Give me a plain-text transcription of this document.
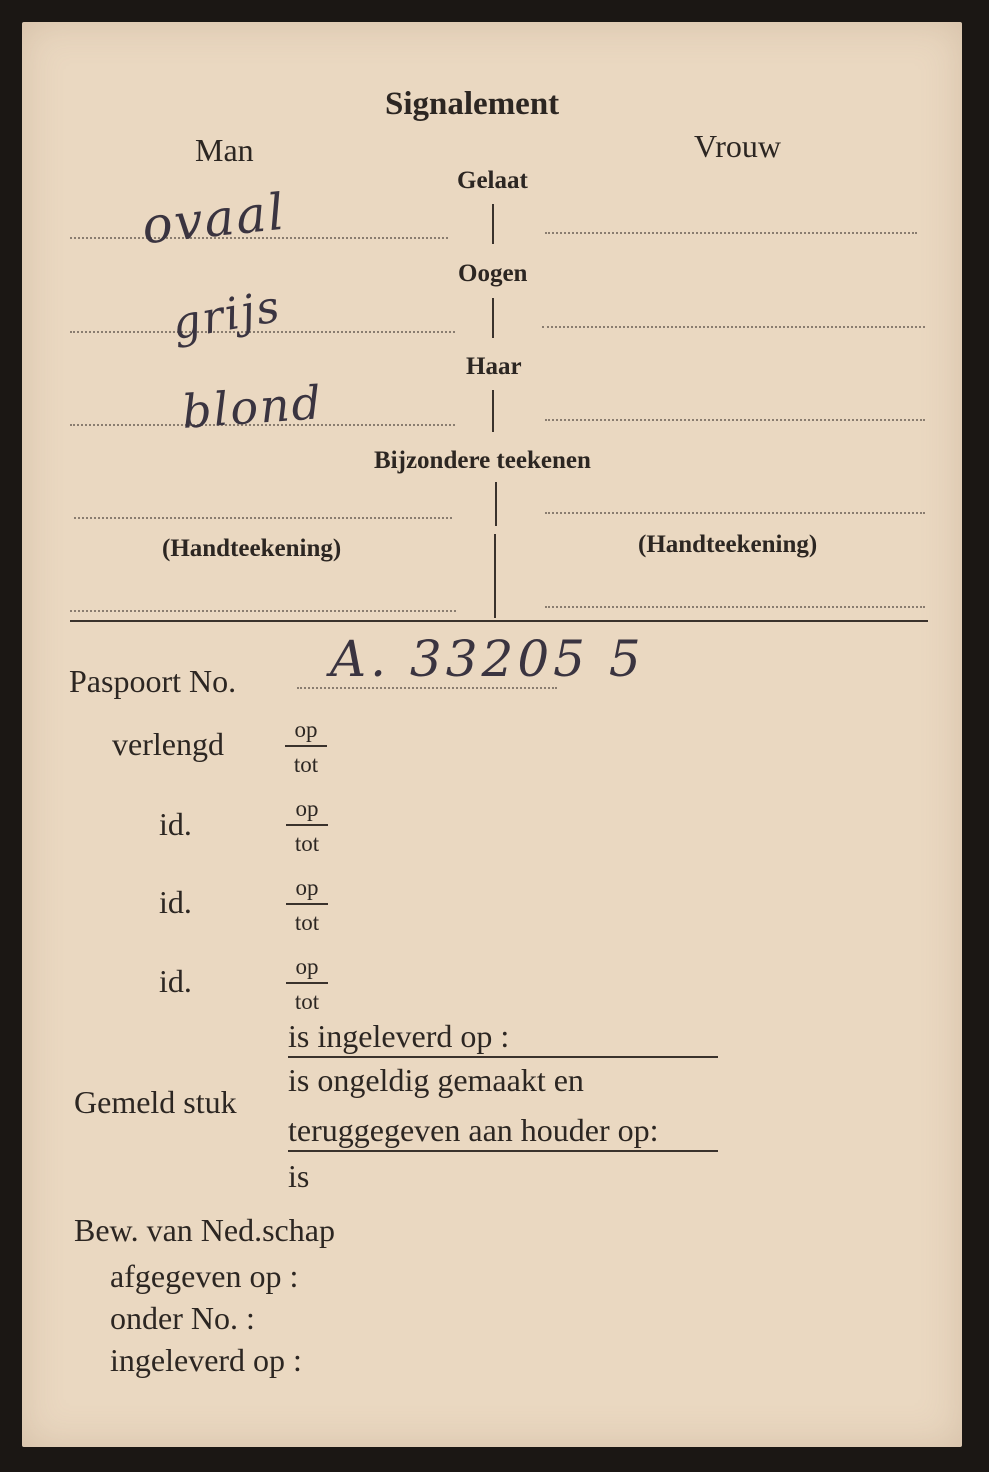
Signalement
Man	Vrouw
Gelaat
ovaal
Oogen
grijs
Haar
blond
Bijzondere teekenen
(Handteekening)	(Handteekening)
Paspoort No. A. 33205 5
verlengd	op
tot
id.	op
tot
id.	op
tot
id.	op
tot
is ingeleverd op :
Gemeld stuk
is ongeldig gemaakt en
teruggegeven aan houder op:
is
Bew. van Ned.schap
afgegeven op :
onder No. :
ingeleverd op :
